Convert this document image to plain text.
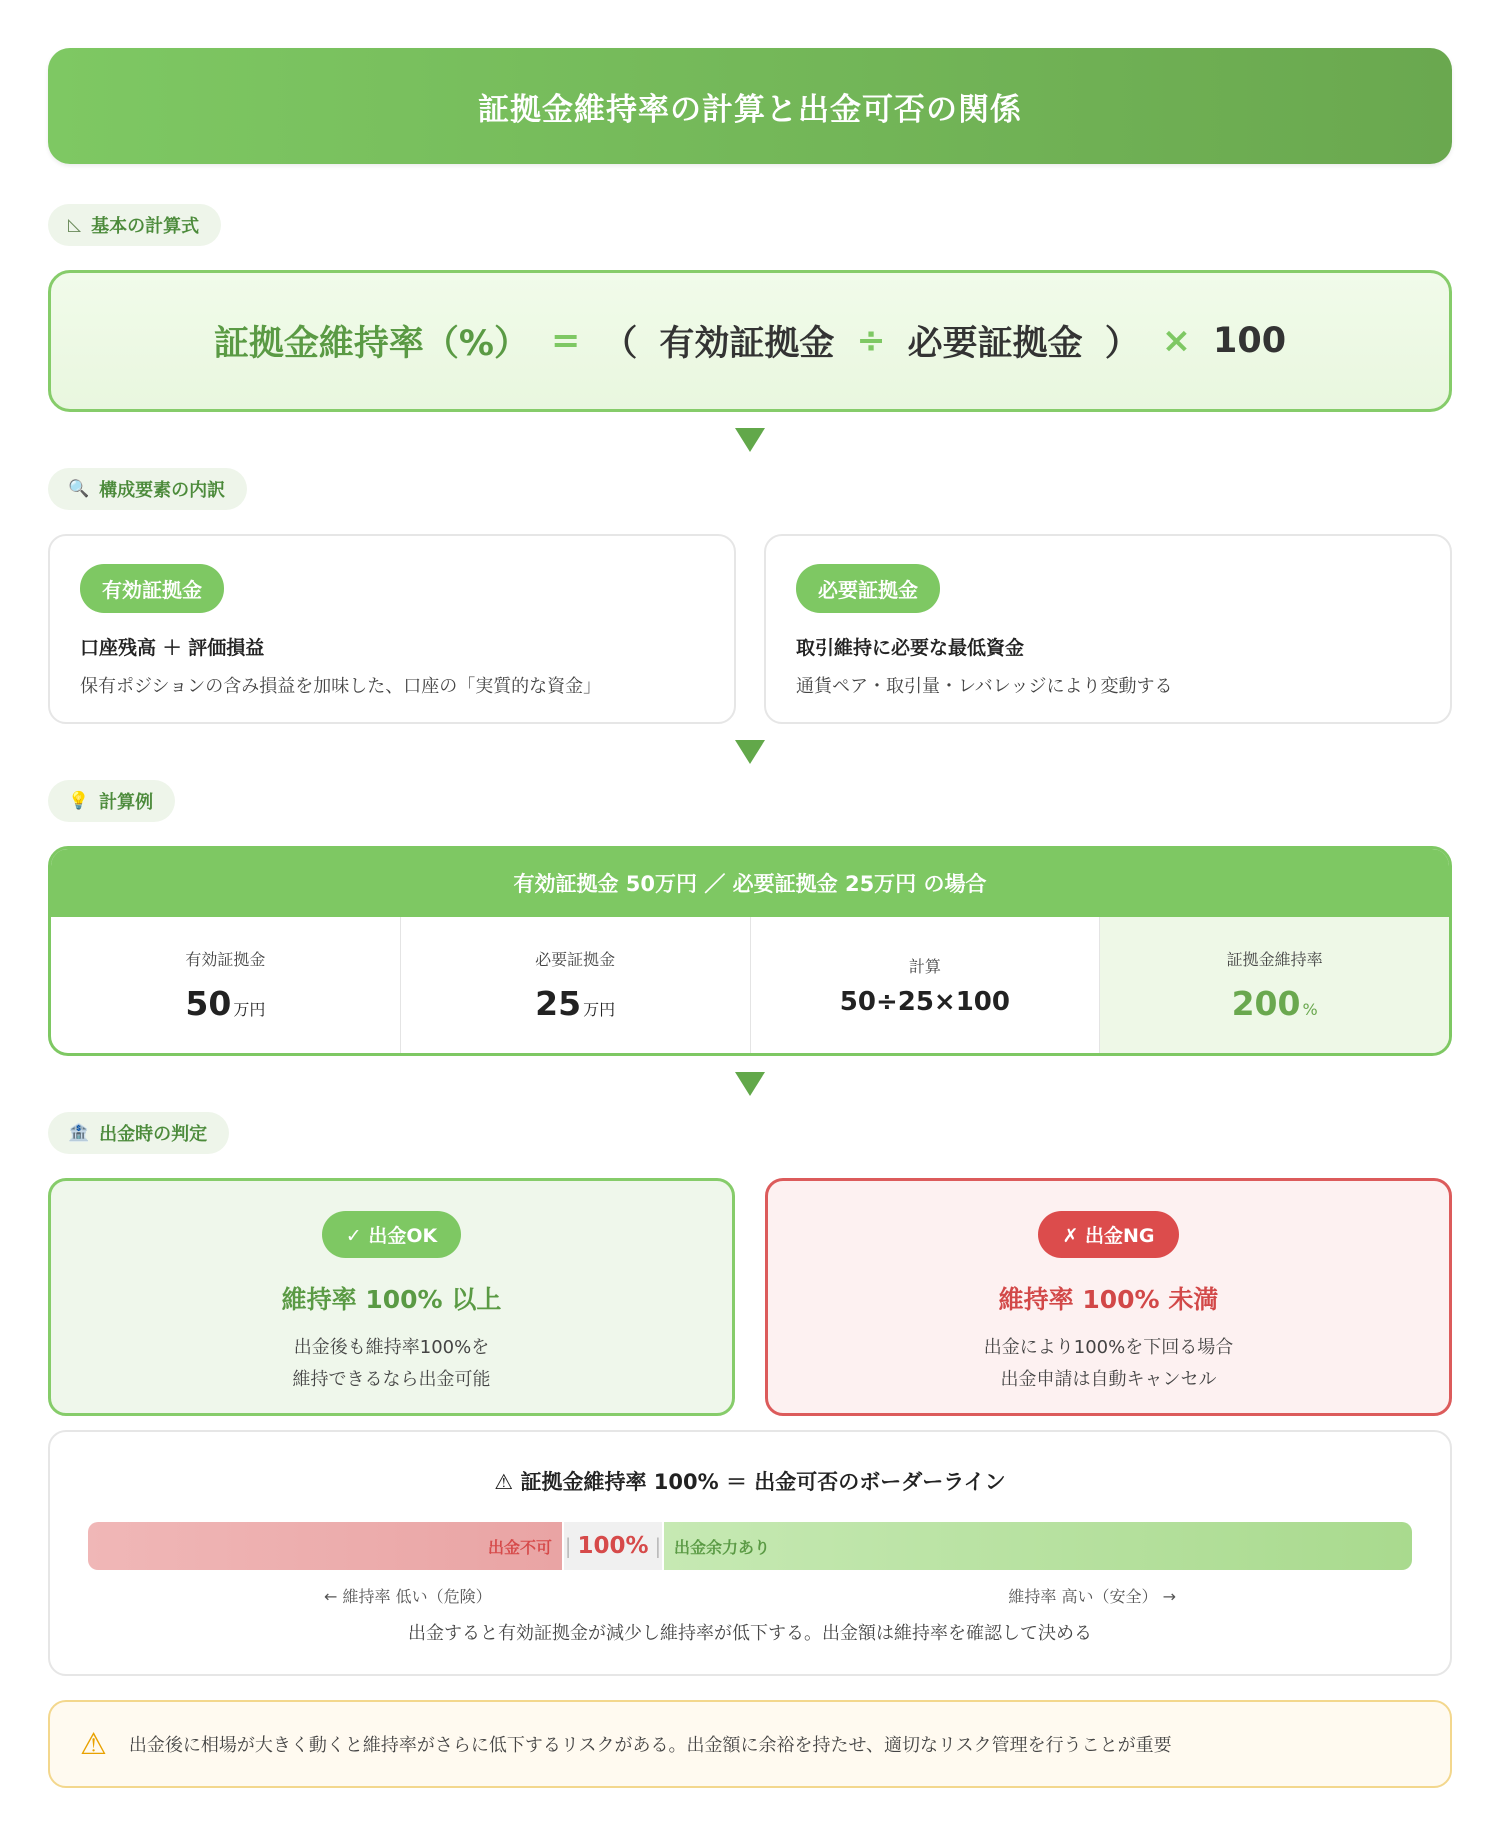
証拠金維持率の計算と出金可否の関係
◺ 基本の計算式
証拠金維持率（%） = （ 有効証拠金 ÷ 必要証拠金 ） × 100
🔍 構成要素の内訳
有効証拠金
口座残高 ＋ 評価損益
保有ポジションの含み損益を加味した、口座の「実質的な資金」
必要証拠金
取引維持に必要な最低資金
通貨ペア・取引量・レバレッジにより変動する
💡 計算例
有効証拠金 50万円 ／ 必要証拠金 25万円 の場合
有効証拠金
50 万円
必要証拠金
25 万円
計算
50÷25×100
証拠金維持率
200 %
🏦 出金時の判定
✓ 出金OK
維持率 100% 以上
出金後も維持率100%を
維持できるなら出金可能
✗ 出金NG
維持率 100% 未満
出金により100%を下回る場合
出金申請は自動キャンセル
⚠ 証拠金維持率 100% ＝ 出金可否のボーダーライン
出金不可 | 100% | 出金余力あり
← 維持率 低い（危険）	維持率 高い（安全） →
出金すると有効証拠金が減少し維持率が低下する。出金額は維持率を確認して決める
⚠ 出金後に相場が大きく動くと維持率がさらに低下するリスクがある。出金額に余裕を持たせ、適切なリスク管理を行うことが重要
